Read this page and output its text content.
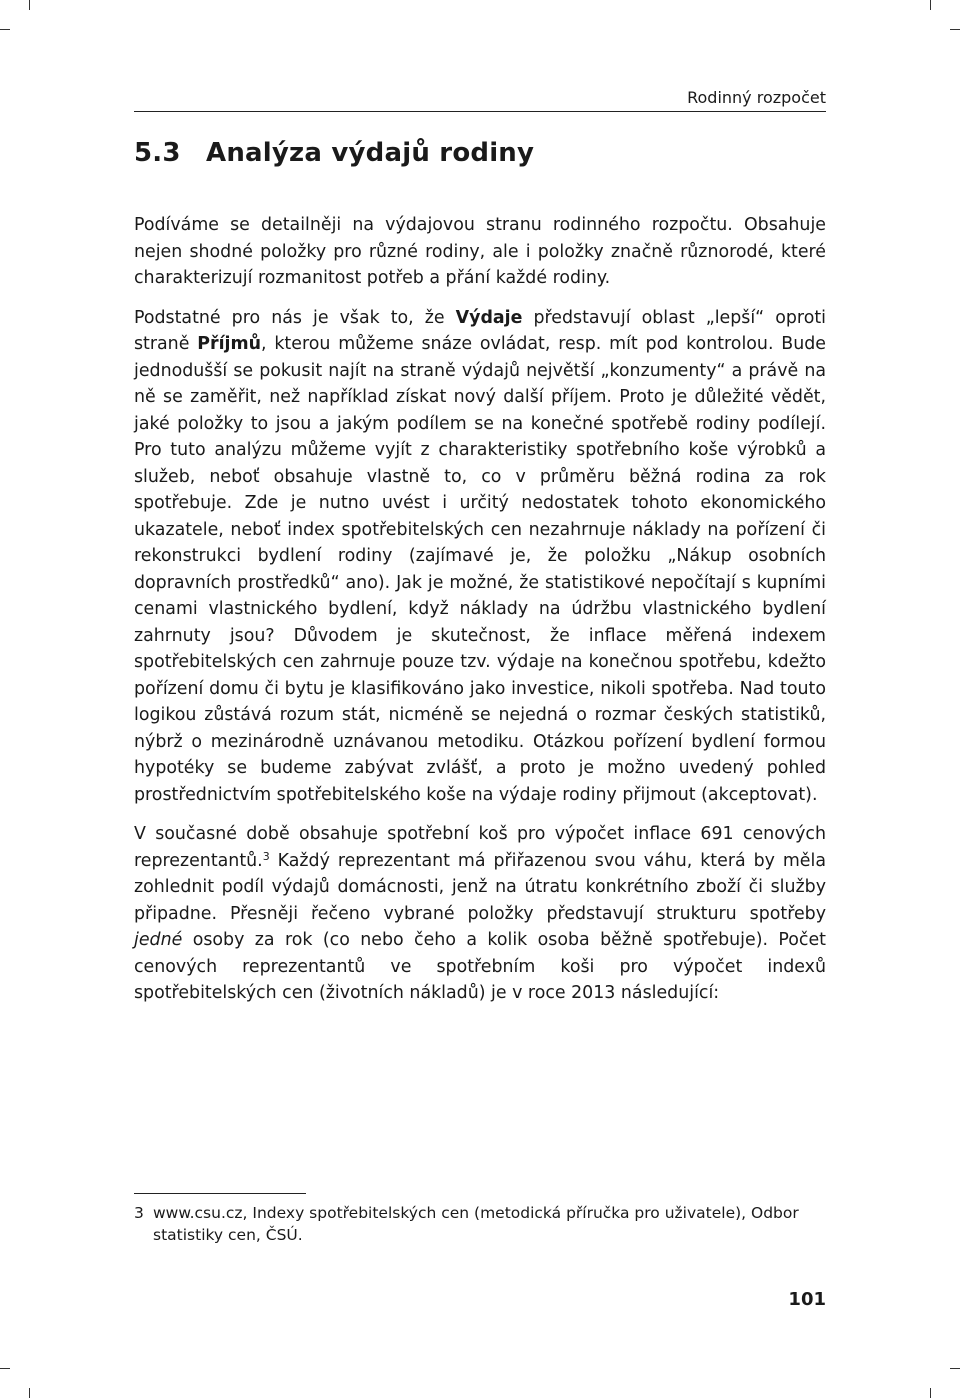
Rodinný rozpočet
5.3 Analýza výdajů rodiny

Podíváme se detailněji na výdajovou stranu rodinného rozpočtu. Obsahuje nejen shodné položky pro různé rodiny, ale i položky značně různorodé, které charakterizují rozmanitost potřeb a přání každé rodiny.

Podstatné pro nás je však to, že Výdaje představují oblast „lepší“ oproti straně Příjmů, kterou můžeme snáze ovládat, resp. mít pod kontrolou. Bude jednodušší se pokusit najít na straně výdajů největší „konzumenty“ a právě na ně se zaměřit, než například získat nový další příjem. Proto je důležité vědět, jaké položky to jsou a jakým podílem se na konečné spotřebě rodiny podílejí. Pro tuto analýzu můžeme vyjít z charakteristiky spotřebního koše výrobků a služeb, neboť obsahuje vlastně to, co v průměru běžná rodina za rok spotřebuje. Zde je nutno uvést i určitý nedostatek tohoto ekonomického ukazatele, neboť index spotřebitelských cen nezahrnuje náklady na pořízení či rekonstrukci bydlení rodiny (zajímavé je, že položku „Nákup osobních dopravních prostředků“ ano). Jak je možné, že statistikové nepočítají s kupními cenami vlastnického bydlení, když náklady na údržbu vlastnického bydlení zahrnuty jsou? Důvodem je skutečnost, že inflace měřená indexem spotřebitelských cen zahrnuje pouze tzv. výdaje na konečnou spotřebu, kdežto pořízení domu či bytu je klasifikováno jako investice, nikoli spotřeba. Nad touto logikou zůstává rozum stát, nicméně se nejedná o rozmar českých statistiků, nýbrž o mezinárodně uznávanou metodiku. Otázkou pořízení bydlení formou hypotéky se budeme zabývat zvlášť, a proto je možno uvedený pohled prostřednictvím spotřebitelského koše na výdaje rodiny přijmout (akceptovat).

V současné době obsahuje spotřební koš pro výpočet inflace 691 cenových reprezentantů.$^3$ Každý reprezentant má přiřazenou svou váhu, která by měla zohlednit podíl výdajů domácnosti, jenž na útratu konkrétního zboží či služby připadne. Přesněji řečeno vybrané položky představují strukturu spotřeby jedné osoby za rok (co nebo čeho a kolik osoba běžně spotřebuje). Počet cenových reprezentantů ve spotřebním koši pro výpočet indexů spotřebitelských cen (životních nákladů) je v roce 2013 následující:

3 www.csu.cz, Indexy spotřebitelských cen (metodická příručka pro uživatele), Odbor statistiky cen, ČSÚ.
101
